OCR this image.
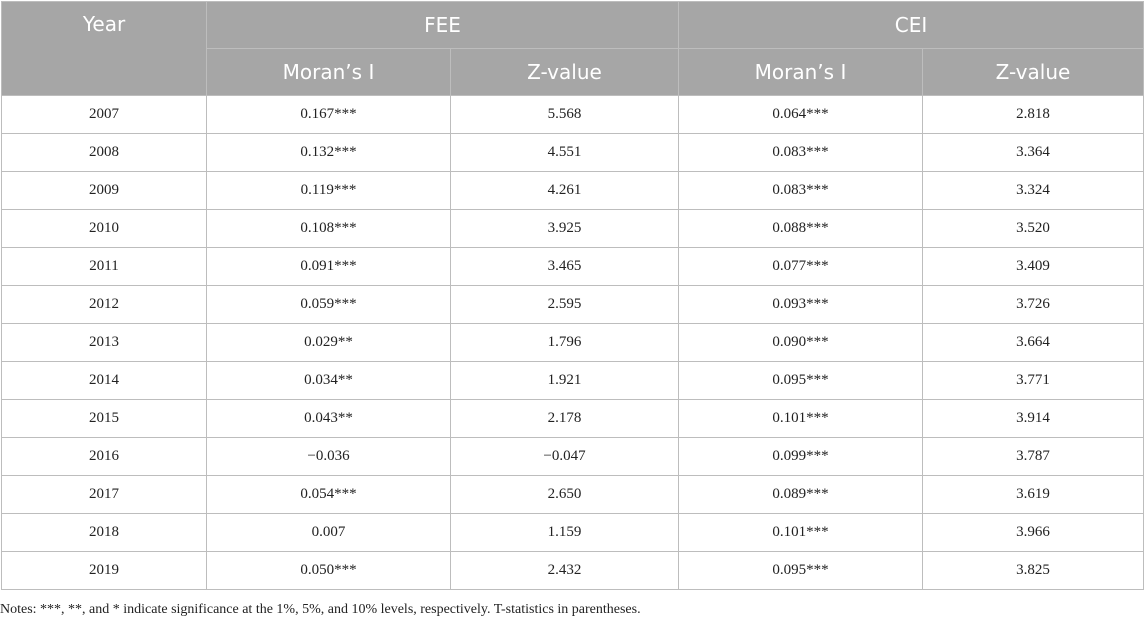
Year	FEE		CEI	
	Moran’s I	Z-value	Moran’s I	Z-value
2007	0.167***	5.568	0.064***	2.818
2008	0.132***	4.551	0.083***	3.364
2009	0.119***	4.261	0.083***	3.324
2010	0.108***	3.925	0.088***	3.520
2011	0.091***	3.465	0.077***	3.409
2012	0.059***	2.595	0.093***	3.726
2013	0.029**	1.796	0.090***	3.664
2014	0.034**	1.921	0.095***	3.771
2015	0.043**	2.178	0.101***	3.914
2016	−0.036	−0.047	0.099***	3.787
2017	0.054***	2.650	0.089***	3.619
2018	0.007	1.159	0.101***	3.966
2019	0.050***	2.432	0.095***	3.825
Notes: ***, **, and * indicate significance at the 1%, 5%, and 10% levels, respectively. T-statistics in parentheses.
